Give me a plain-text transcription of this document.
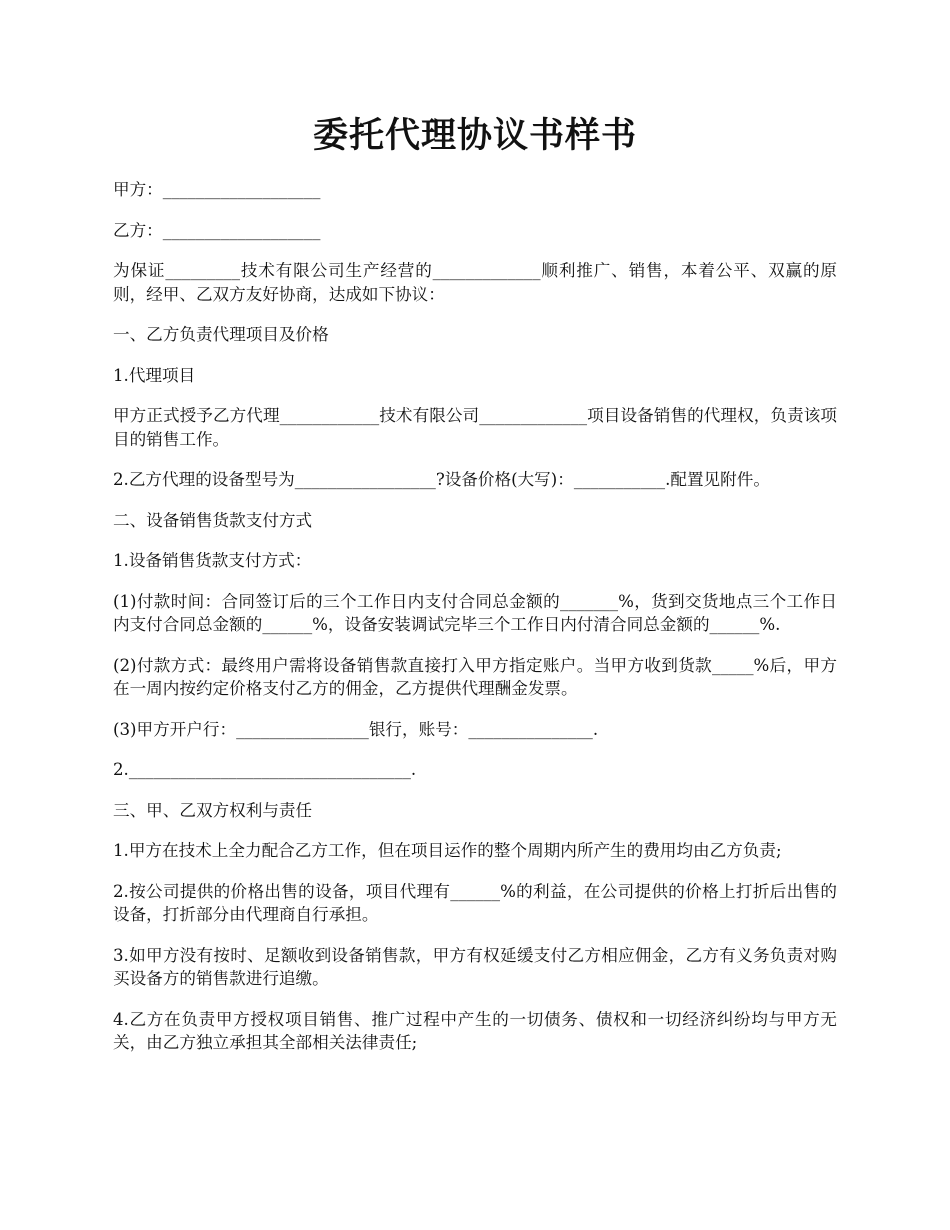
委托代理协议书样书

甲方：___________________

乙方：___________________

为保证_________技术有限公司生产经营的_____________顺利推广、销售，本着公平、双赢的原则，经甲、乙双方友好协商，达成如下协议：

一、乙方负责代理项目及价格

1.代理项目

甲方正式授予乙方代理____________技术有限公司_____________项目设备销售的代理权，负责该项目的销售工作。

2.乙方代理的设备型号为_________________?设备价格(大写)：___________.配置见附件。

二、设备销售货款支付方式

1.设备销售货款支付方式：

(1)付款时间：合同签订后的三个工作日内支付合同总金额的_______%，货到交货地点三个工作日内支付合同总金额的______%，设备安装调试完毕三个工作日内付清合同总金额的______%.

(2)付款方式：最终用户需将设备销售款直接打入甲方指定账户。当甲方收到货款_____%后，甲方在一周内按约定价格支付乙方的佣金，乙方提供代理酬金发票。

(3)甲方开户行：________________银行，账号：_______________.

2.__________________________________.

三、甲、乙双方权利与责任

1.甲方在技术上全力配合乙方工作，但在项目运作的整个周期内所产生的费用均由乙方负责;

2.按公司提供的价格出售的设备，项目代理有______%的利益，在公司提供的价格上打折后出售的设备，打折部分由代理商自行承担。

3.如甲方没有按时、足额收到设备销售款，甲方有权延缓支付乙方相应佣金，乙方有义务负责对购买设备方的销售款进行追缴。

4.乙方在负责甲方授权项目销售、推广过程中产生的一切债务、债权和一切经济纠纷均与甲方无关，由乙方独立承担其全部相关法律责任;
